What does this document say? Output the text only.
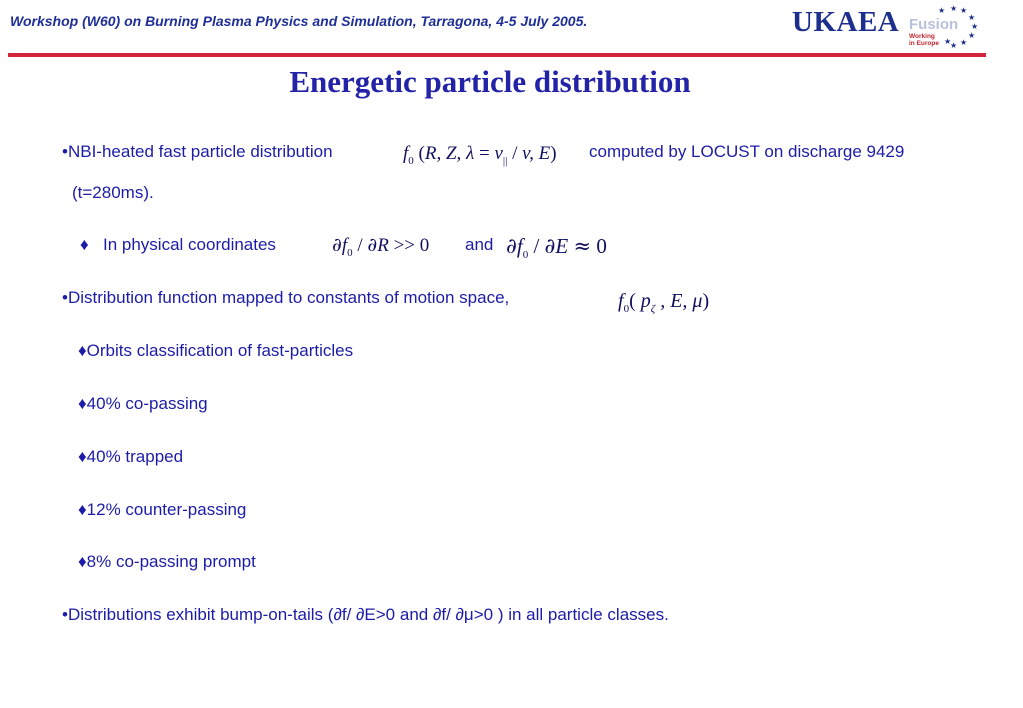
Workshop (W60) on Burning Plasma Physics and Simulation, Tarragona, 4-5 July 2005.	UKAEA Fusion
Working
in Europe
★ ★
★
★
★
★
★
★
★
Energetic particle distribution
•NBI-heated fast particle distribution	$f_0$ (R, Z, $\lambda = v_{||} / v$, E) computed by LOCUST on discharge 9429
(t=280ms).
♦ In physical coordinates	$\partial f_0 / \partial R >> 0$ and $\partial f_0 / \partial E \approx 0$
•Distribution function mapped to constants of motion space,	$f_0$( $p_\zeta$ , E, μ)
♦Orbits classification of fast-particles
♦40% co-passing
♦40% trapped
♦12% counter-passing
♦8% co-passing prompt
•Distributions exhibit bump-on-tails (∂f/ ∂E>0 and ∂f/ ∂μ>0 ) in all particle classes.
